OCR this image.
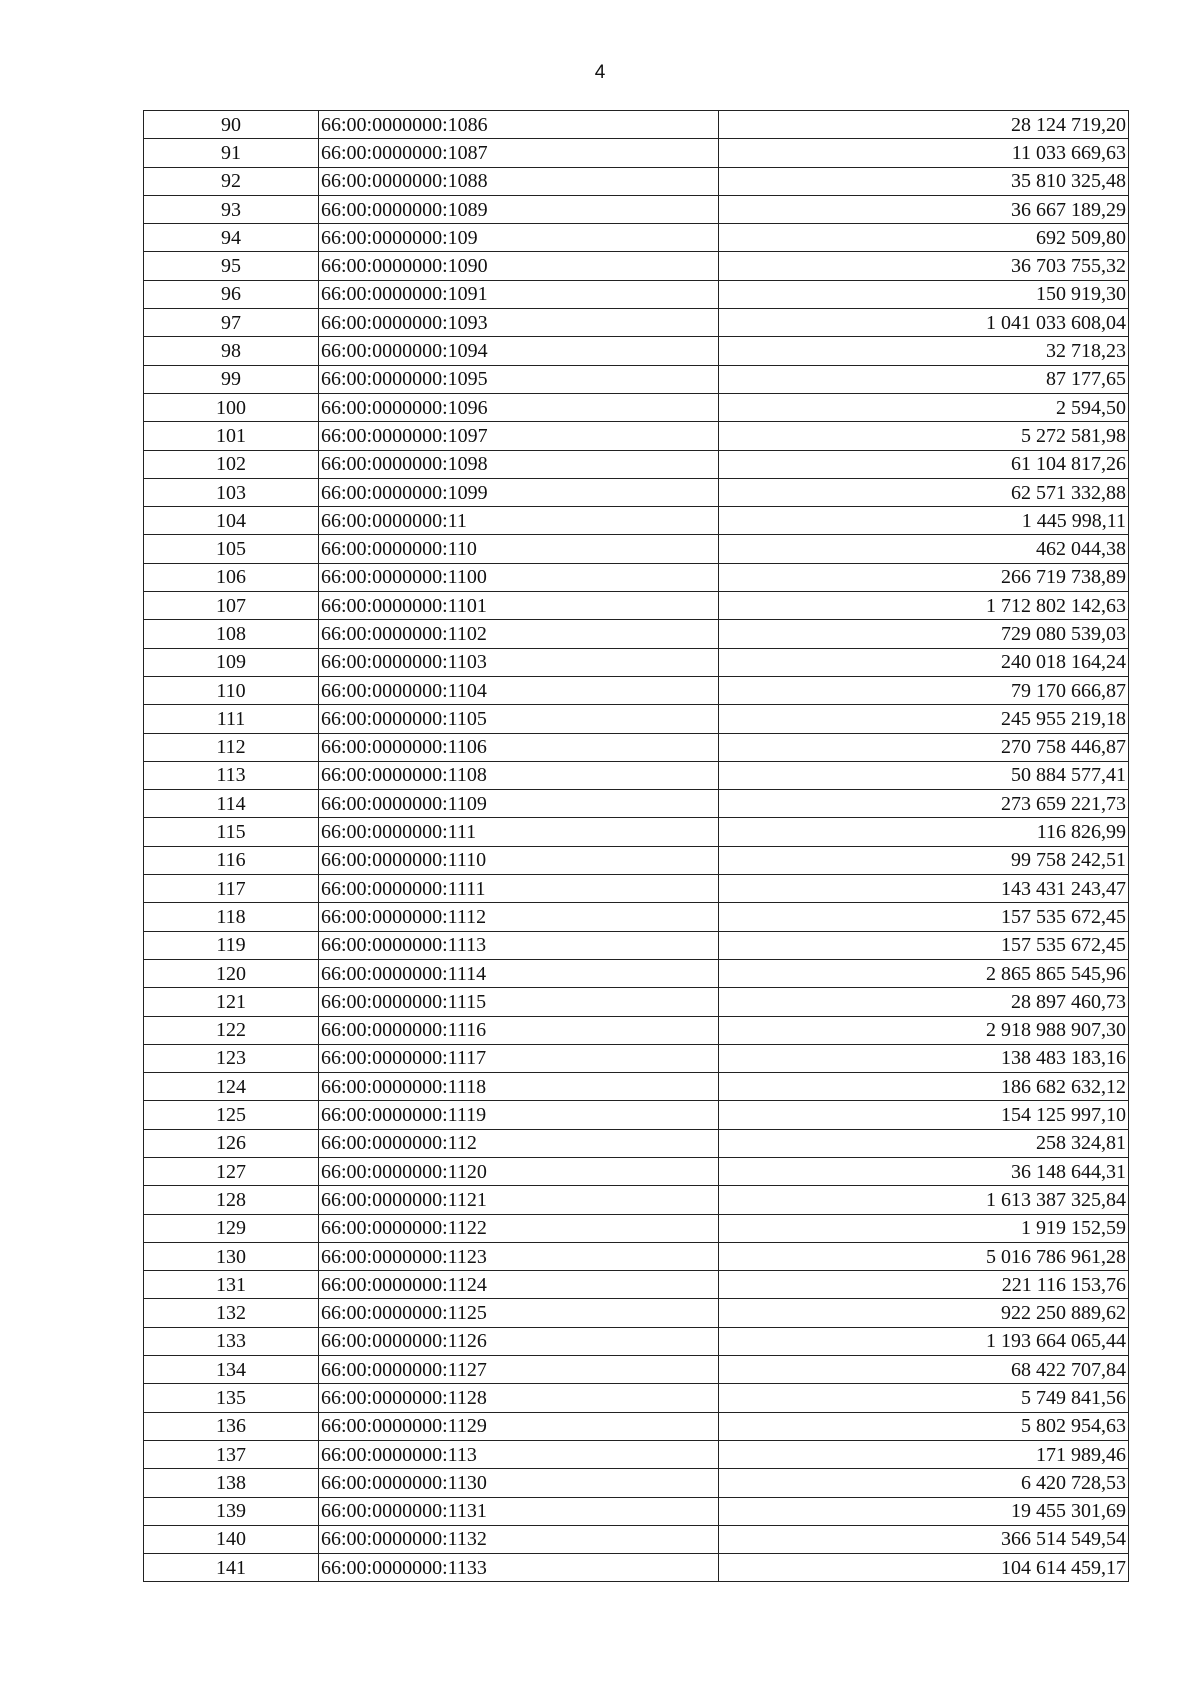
4
90	66:00:0000000:1086	28 124 719,20
91	66:00:0000000:1087	11 033 669,63
92	66:00:0000000:1088	35 810 325,48
93	66:00:0000000:1089	36 667 189,29
94	66:00:0000000:109	692 509,80
95	66:00:0000000:1090	36 703 755,32
96	66:00:0000000:1091	150 919,30
97	66:00:0000000:1093	1 041 033 608,04
98	66:00:0000000:1094	32 718,23
99	66:00:0000000:1095	87 177,65
100	66:00:0000000:1096	2 594,50
101	66:00:0000000:1097	5 272 581,98
102	66:00:0000000:1098	61 104 817,26
103	66:00:0000000:1099	62 571 332,88
104	66:00:0000000:11	1 445 998,11
105	66:00:0000000:110	462 044,38
106	66:00:0000000:1100	266 719 738,89
107	66:00:0000000:1101	1 712 802 142,63
108	66:00:0000000:1102	729 080 539,03
109	66:00:0000000:1103	240 018 164,24
110	66:00:0000000:1104	79 170 666,87
111	66:00:0000000:1105	245 955 219,18
112	66:00:0000000:1106	270 758 446,87
113	66:00:0000000:1108	50 884 577,41
114	66:00:0000000:1109	273 659 221,73
115	66:00:0000000:111	116 826,99
116	66:00:0000000:1110	99 758 242,51
117	66:00:0000000:1111	143 431 243,47
118	66:00:0000000:1112	157 535 672,45
119	66:00:0000000:1113	157 535 672,45
120	66:00:0000000:1114	2 865 865 545,96
121	66:00:0000000:1115	28 897 460,73
122	66:00:0000000:1116	2 918 988 907,30
123	66:00:0000000:1117	138 483 183,16
124	66:00:0000000:1118	186 682 632,12
125	66:00:0000000:1119	154 125 997,10
126	66:00:0000000:112	258 324,81
127	66:00:0000000:1120	36 148 644,31
128	66:00:0000000:1121	1 613 387 325,84
129	66:00:0000000:1122	1 919 152,59
130	66:00:0000000:1123	5 016 786 961,28
131	66:00:0000000:1124	221 116 153,76
132	66:00:0000000:1125	922 250 889,62
133	66:00:0000000:1126	1 193 664 065,44
134	66:00:0000000:1127	68 422 707,84
135	66:00:0000000:1128	5 749 841,56
136	66:00:0000000:1129	5 802 954,63
137	66:00:0000000:113	171 989,46
138	66:00:0000000:1130	6 420 728,53
139	66:00:0000000:1131	19 455 301,69
140	66:00:0000000:1132	366 514 549,54
141	66:00:0000000:1133	104 614 459,17
